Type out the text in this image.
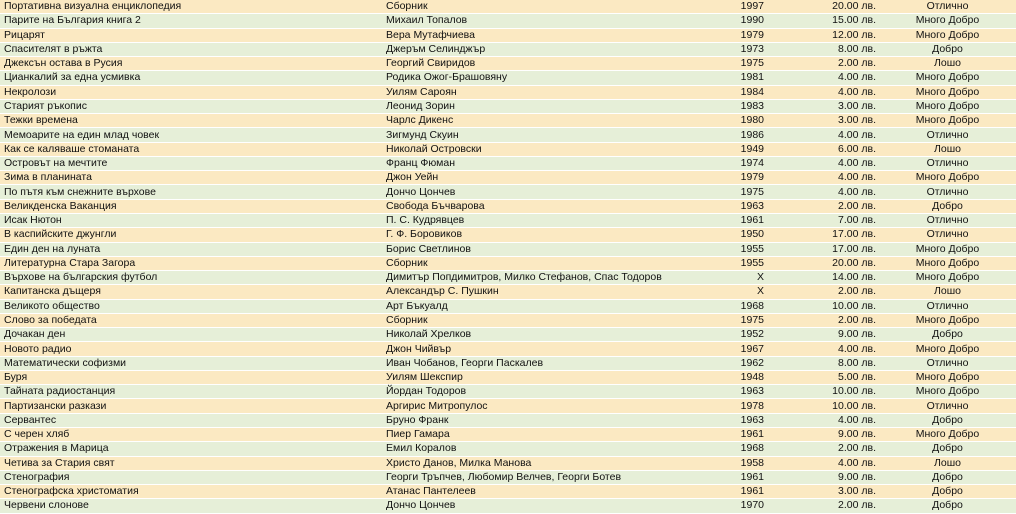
Портативна визуална енциклопедия	Сборник	1997	20.00 лв.	Отлично
Парите на България книга 2	Михаил Топалов	1990	15.00 лв.	Много Добро
Рицарят	Вера Мутафчиева	1979	12.00 лв.	Много Добро
Спасителят в ръжта	Джеръм Селинджър	1973	8.00 лв.	Добро
Джексън остава в Русия	Георгий Свиридов	1975	2.00 лв.	Лошо
Цианкалий за една усмивка	Родика Ожог-Брашовяну	1981	4.00 лв.	Много Добро
Некролози	Уилям Сароян	1984	4.00 лв.	Много Добро
Старият ръкопис	Леонид Зорин	1983	3.00 лв.	Много Добро
Тежки времена	Чарлс Дикенс	1980	3.00 лв.	Много Добро
Мемоарите на един млад човек	Зигмунд Скуин	1986	4.00 лв.	Отлично
Как се каляваше стоманата	Николай Островски	1949	6.00 лв.	Лошо
Островът на мечтите	Франц Фюман	1974	4.00 лв.	Отлично
Зима в планината	Джон Уейн	1979	4.00 лв.	Много Добро
По пътя към снежните върхове	Дончо Цончев	1975	4.00 лв.	Отлично
Великденска Ваканция	Свобода Бъчварова	1963	2.00 лв.	Добро
Исак Нютон	П. С. Кудрявцев	1961	7.00 лв.	Отлично
В каспийските джунгли	Г. Ф. Боровиков	1950	17.00 лв.	Отлично
Един ден на луната	Борис Светлинов	1955	17.00 лв.	Много Добро
Литературна Стара Загора	Сборник	1955	20.00 лв.	Много Добро
Върхове на българския футбол	Димитър Попдимитров, Милко Стефанов, Спас Тодоров	X	14.00 лв.	Много Добро
Капитанска дъщеря	Александър С. Пушкин	X	2.00 лв.	Лошо
Великото общество	Арт Бъкуалд	1968	10.00 лв.	Отлично
Слово за победата	Сборник	1975	2.00 лв.	Много Добро
Дочакан ден	Николай Хрелков	1952	9.00 лв.	Добро
Новото радио	Джон Чийвър	1967	4.00 лв.	Много Добро
Математически софизми	Иван Чобанов, Георги Паскалев	1962	8.00 лв.	Отлично
Буря	Уилям Шекспир	1948	5.00 лв.	Много Добро
Тайната радиостанция	Йордан Тодоров	1963	10.00 лв.	Много Добро
Партизански разкази	Аргирис Митропулос	1978	10.00 лв.	Отлично
Сервантес	Бруно Франк	1963	4.00 лв.	Добро
С черен хляб	Пиер Гамара	1961	9.00 лв.	Много Добро
Отражения в Марица	Емил Коралов	1968	2.00 лв.	Добро
Четива за Стария свят	Христо Данов, Милка Манова	1958	4.00 лв.	Лошо
Стенография	Георги Тръпчев, Любомир Велчев, Георги Ботев	1961	9.00 лв.	Добро
Стенографска христоматия	Атанас Пантелеев	1961	3.00 лв.	Добро
Червени слонове	Дончо Цончев	1970	2.00 лв.	Добро
